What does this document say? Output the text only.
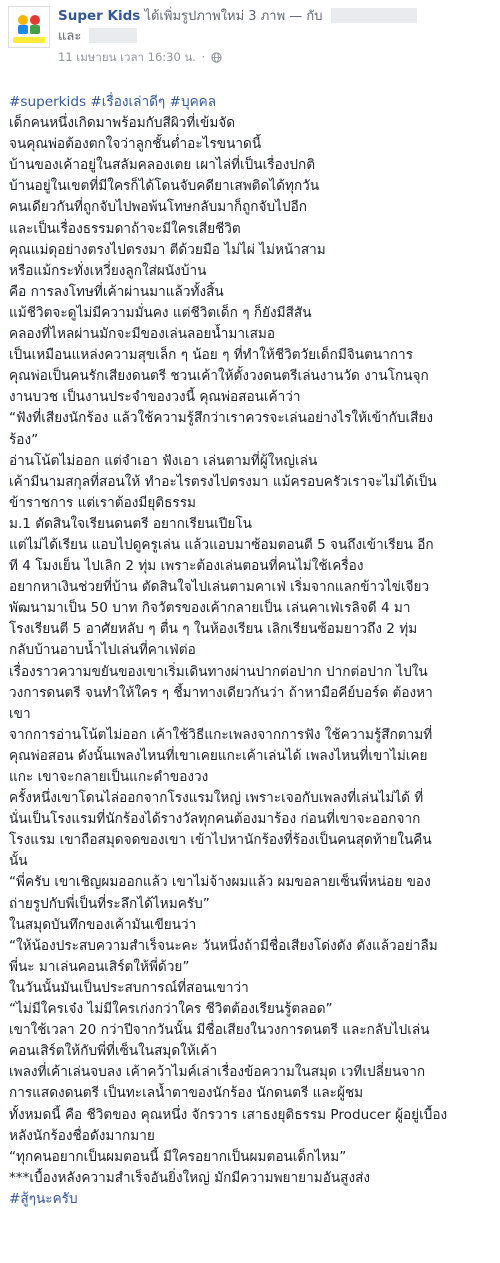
Super Kids ได้เพิ่มรูปภาพใหม่ 3 ภาพ — กับ
และ
11 เมษายน เวลา 16:30 น. ·
#superkids #เรื่องเล่าดีๆ #บุคคล
เด็กคนหนึ่งเกิดมาพร้อมกับสีผิวที่เข้มจัด
จนคุณพ่อต้องตกใจว่าลูกชั้นต่ำอะไรขนาดนี้
บ้านของเค้าอยู่ในสลัมคลองเตย เผาไล่ที่เป็นเรื่องปกติ
บ้านอยู่ในเขตที่มีใครก็ได้โดนจับคดียาเสพติดได้ทุกวัน
คนเดียวกันที่ถูกจับไปพอพ้นโทษกลับมาก็ถูกจับไปอีก
และเป็นเรื่องธรรมดาถ้าจะมีใครเสียชีวิต
คุณแม่ดุอย่างตรงไปตรงมา ตีด้วยมือ ไม่ไผ่ ไม่หน้าสาม
หรือแม้กระทั่งเหวี่ยงลูกใส่ผนังบ้าน
คือ การลงโทษที่เค้าผ่านมาแล้วทั้งสิ้น
แม้ชีวิตจะดูไม่มีความมั่นคง แต่ชีวิตเด็ก ๆ ก็ยังมีสีสัน
คลองที่ไหลผ่านมักจะมีของเล่นลอยน้ำมาเสมอ
เป็นเหมือนแหล่งความสุขเล็ก ๆ น้อย ๆ ที่ทำให้ชีวิตวัยเด็กมีจินตนาการ
คุณพ่อเป็นคนรักเสียงดนตรี ชวนเค้าให้ตั้งวงดนตรีเล่นงานวัด งานโกนจุก
งานบวช เป็นงานประจำของวงนี้ คุณพ่อสอนเค้าว่า
“ฟังที่เสียงนักร้อง แล้วใช้ความรู้สึกว่าเราควรจะเล่นอย่างไรให้เข้ากับเสียง
ร้อง”
อ่านโน้ตไม่ออก แต่จำเอา ฟังเอา เล่นตามที่ผู้ใหญ่เล่น
เค้ามีนามสกุลที่สอนให้ ทำอะไรตรงไปตรงมา แม้ครอบครัวเราจะไม่ได้เป็น
ข้าราชการ แต่เราต้องมียุติธรรม
ม.1 ตัดสินใจเรียนดนตรี อยากเรียนเปียโน
แต่ไม่ได้เรียน แอบไปดูครูเล่น แล้วแอบมาซ้อมตอนตี 5 จนถึงเข้าเรียน อีก
ที 4 โมงเย็น ไปเลิก 2 ทุ่ม เพราะต้องเล่นตอนที่คนไม่ใช้เครื่อง
อยากหาเงินช่วยที่บ้าน ตัดสินใจไปเล่นตามคาเฟ่ เริ่มจากแลกข้าวไข่เจียว
พัฒนามาเป็น 50 บาท กิจวัตรของเค้ากลายเป็น เล่นคาเฟ่เรลิจดี 4 มา
โรงเรียนตี 5 อาศัยหลับ ๆ ตื่น ๆ ในห้องเรียน เลิกเรียนซ้อมยาวถึง 2 ทุ่ม
กลับบ้านอาบน้ำไปเล่นที่คาเฟ่ต่อ
เรื่องราวความขยันของเขาเริ่มเดินทางผ่านปากต่อปาก ปากต่อปาก ไปใน
วงการดนตรี จนทำให้ใคร ๆ ชี้มาทางเดียวกันว่า ถ้าหามือคีย์บอร์ด ต้องหา
เขา
จากการอ่านโน้ตไม่ออก เค้าใช้วิธีแกะเพลงจากการฟัง ใช้ความรู้สึกตามที่
คุณพ่อสอน ดังนั้นเพลงไหนที่เขาเคยแกะเค้าเล่นได้ เพลงไหนที่เขาไม่เคย
แกะ เขาจะกลายเป็นแกะดำของวง
ครั้งหนึ่งเขาโดนไล่ออกจากโรงแรมใหญ่ เพราะเจอกับเพลงที่เล่นไม่ได้ ที่
นั่นเป็นโรงแรมที่นักร้องได้รางวัลทุกคนต้องมาร้อง ก่อนที่เขาจะออกจาก
โรงแรม เขาถือสมุดจดของเขา เข้าไปหานักร้องที่ร้องเป็นคนสุดท้ายในคืน
นั้น
“พี่ครับ เขาเชิญผมออกแล้ว เขาไม่จ้างผมแล้ว ผมขอลายเซ็นพี่หน่อย ของ
ถ่ายรูปกับพี่เป็นที่ระลึกได้ไหมครับ”
ในสมุดบันทึกของเค้ามันเขียนว่า
“ให้น้องประสบความสำเร็จนะคะ วันหนึ่งถ้ามีชื่อเสียงโด่งดัง ดังแล้วอย่าลืม
พี่นะ มาเล่นคอนเสิร์ตให้พี่ด้วย”
ในวันนั้นมันเป็นประสบการณ์ที่สอนเขาว่า
“ไม่มีใครเจ๋ง ไม่มีใครเก่งกว่าใคร ชีวิตต้องเรียนรู้ตลอด”
เขาใช้เวลา 20 กว่าปีจากวันนั้น มีชื่อเสียงในวงการดนตรี และกลับไปเล่น
คอนเสิร์ตให้กับพี่ที่เซ็นในสมุดให้เค้า
เพลงที่เค้าเล่นจบลง เค้าคว้าไมค์เล่าเรื่องข้อความในสมุด เวทีเปลี่ยนจาก
การแสดงดนตรี เป็นทะเลน้ำตาของนักร้อง นักดนตรี และผู้ชม
ทั้งหมดนี้ คือ ชีวิตของ คุณหนึ่ง จักรวาร เสาธงยุติธรรม Producer ผู้อยู่เบื้อง
หลังนักร้องชื่อดังมากมาย
“ทุกคนอยากเป็นผมตอนนี้ มีใครอยากเป็นผมตอนเด็กไหม”
***เบื้องหลังความสำเร็จอันยิ่งใหญ่ มักมีความพยายามอันสูงส่ง
#สู้ๆนะครับ
